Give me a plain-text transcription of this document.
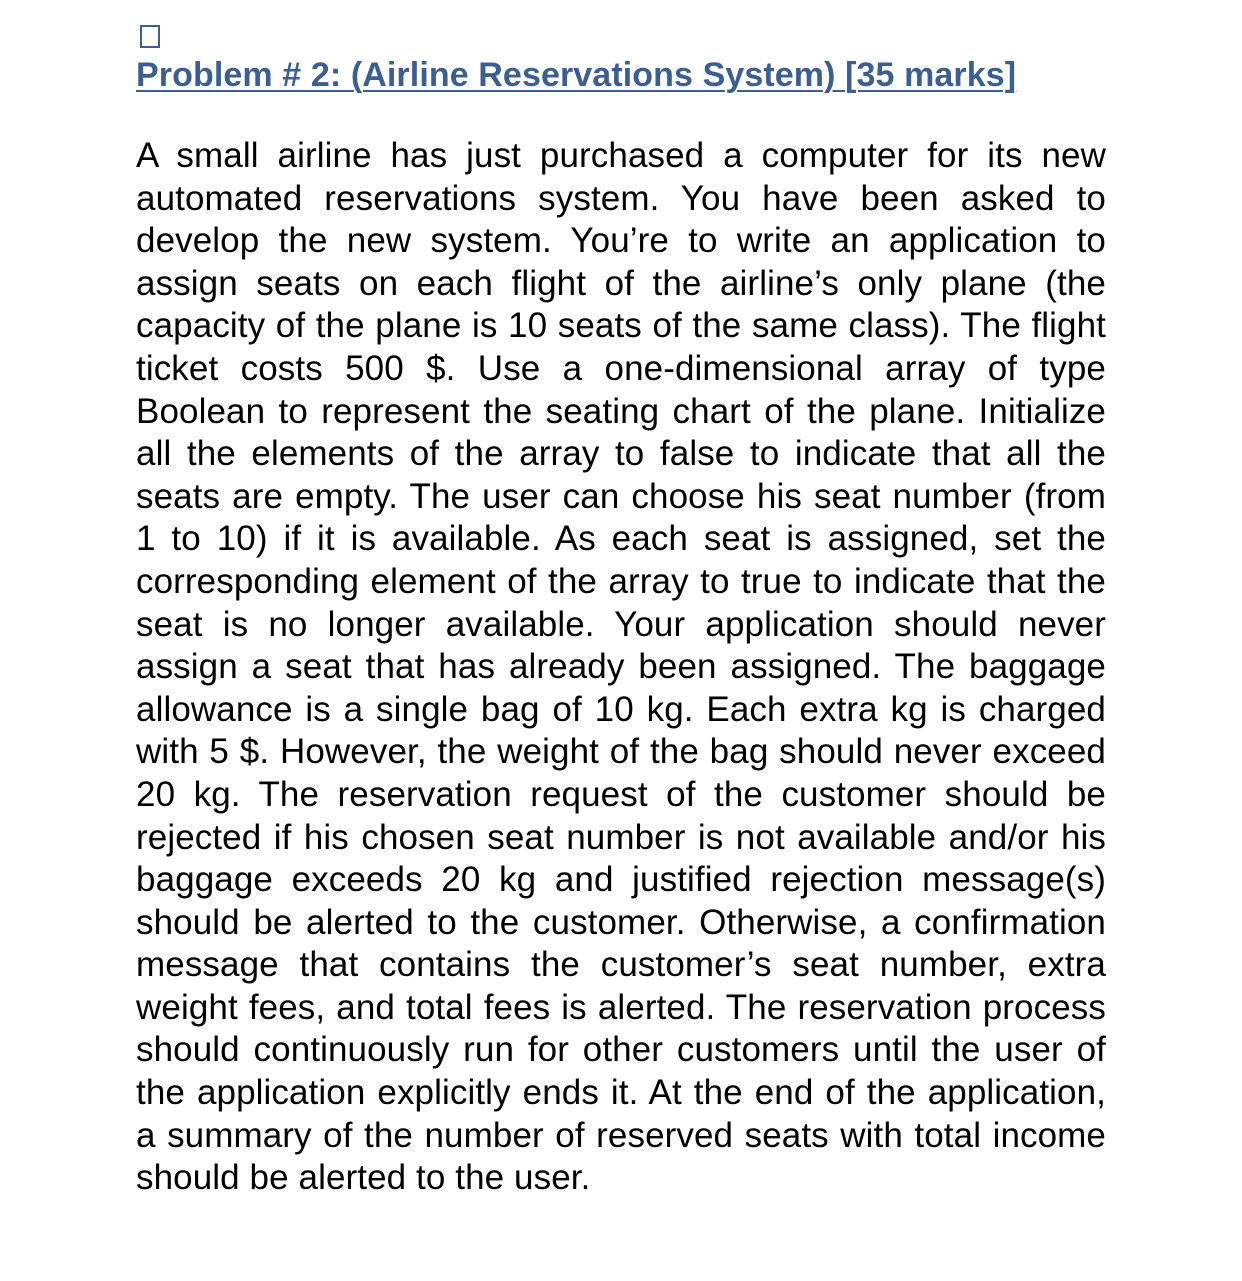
Problem # 2: (Airline Reservations System) [35 marks]
A small airline has just purchased a computer for its new automated reservations system. You have been asked to develop the new system. You’re to write an application to assign seats on each flight of the airline’s only plane (the capacity of the plane is 10 seats of the same class). The flight ticket costs 500 $. Use a one-dimensional array of type Boolean to represent the seating chart of the plane. Initialize all the elements of the array to false to indicate that all the seats are empty. The user can choose his seat number (from 1 to 10) if it is available. As each seat is assigned, set the corresponding element of the array to true to indicate that the seat is no longer available. Your application should never assign a seat that has already been assigned. The baggage allowance is a single bag of 10 kg. Each extra kg is charged with 5 $. However, the weight of the bag should never exceed 20 kg. The reservation request of the customer should be rejected if his chosen seat number is not available and/or his baggage exceeds 20 kg and justified rejection message(s) should be alerted to the customer. Otherwise, a confirmation message that contains the customer’s seat number, extra weight fees, and total fees is alerted. The reservation process should continuously run for other customers until the user of the application explicitly ends it. At the end of the application, a summary of the number of reserved seats with total income should be alerted to the user.
